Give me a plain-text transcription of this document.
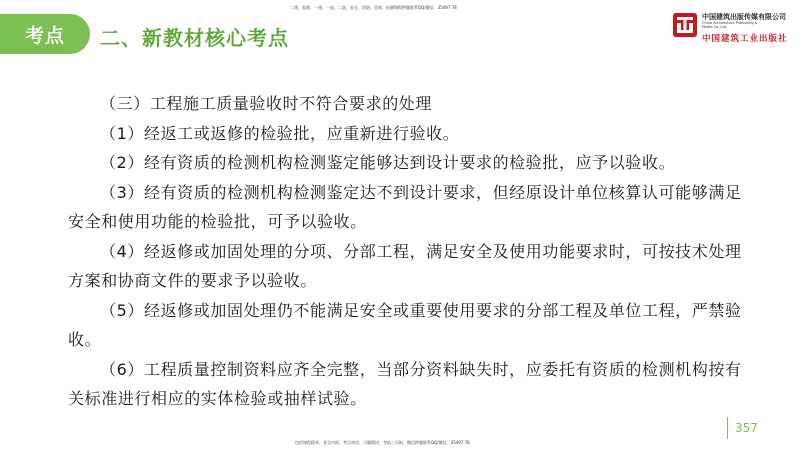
二建、监理、一建、一造、二造、安全、消防、咨询、检测课程押题联系QQ/微信：35497 78
考点 二、新教材核心考点
中国建筑出版传媒有限公司
China Architecture Publishing & Media Co.,Ltd.
中国建筑工业出版社

（三）工程施工质量验收时不符合要求的处理

（1）经返工或返修的检验批，应重新进行验收。

（2）经有资质的检测机构检测鉴定能够达到设计要求的检验批，应予以验收。

（3）经有资质的检测机构检测鉴定达不到设计要求，但经原设计单位核算认可能够满足安全和使用功能的检验批，可予以验收。

（4）经返修或加固处理的分项、分部工程，满足安全及使用功能要求时，可按技术处理方案和协商文件的要求予以验收。

（5）经返修或加固处理仍不能满足安全或重要使用要求的分部工程及单位工程，严禁验收。

（6）工程质量控制资料应齐全完整，当部分资料缺失时，应委托有资质的检测机构按有关标准进行相应的实体检验或抽样试验。

357
包括课程精华、老全内训、考点串讲、习题精讲，考前三页纸，微信押题联系QQ/微信：35497 78
